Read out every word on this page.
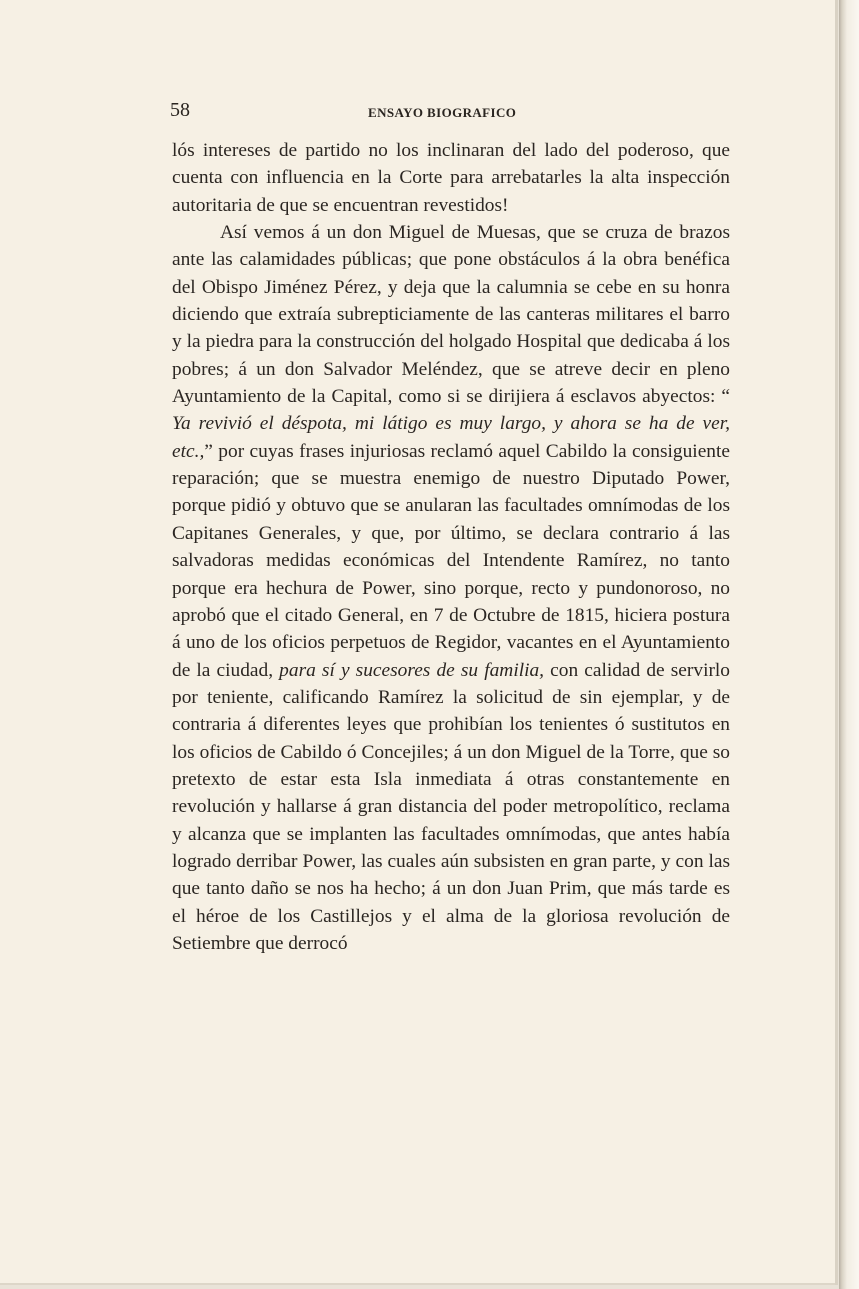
58	ENSAYO BIOGRAFICO

lós intereses de partido no los inclinaran del lado del poderoso, que cuenta con influencia en la Corte para arrebatarles la alta inspección autoritaria de que se encuentran revestidos!

Así vemos á un don Miguel de Muesas, que se cruza de brazos ante las calamidades públicas; que pone obstáculos á la obra benéfica del Obispo Jiménez Pérez, y deja que la calumnia se cebe en su honra diciendo que extraía subrepticiamente de las canteras militares el barro y la piedra para la construcción del holgado Hospital que dedicaba á los pobres; á un don Salvador Meléndez, que se atreve decir en pleno Ayuntamiento de la Capital, como si se dirijiera á esclavos abyectos: “ Ya revivió el déspota, mi látigo es muy largo, y ahora se ha de ver, etc.,” por cuyas frases injuriosas reclamó aquel Cabildo la consiguiente reparación; que se muestra enemigo de nuestro Diputado Power, porque pidió y obtuvo que se anularan las facultades omnímodas de los Capitanes Generales, y que, por último, se declara contrario á las salvadoras medidas económicas del Intendente Ramírez, no tanto porque era hechura de Power, sino porque, recto y pundonoroso, no aprobó que el citado General, en 7 de Octubre de 1815, hiciera postura á uno de los oficios perpetuos de Regidor, vacantes en el Ayuntamiento de la ciudad, para sí y sucesores de su familia, con calidad de servirlo por teniente, calificando Ramírez la solicitud de sin ejemplar, y de contraria á diferentes leyes que prohibían los tenientes ó sustitutos en los oficios de Cabildo ó Concejiles; á un don Miguel de la Torre, que so pretexto de estar esta Isla inmediata á otras constantemente en revolución y hallarse á gran distancia del poder metropolítico, reclama y alcanza que se implanten las facultades omnímodas, que antes había logrado derribar Power, las cuales aún subsisten en gran parte, y con las que tanto daño se nos ha hecho; á un don Juan Prim, que más tarde es el héroe de los Castillejos y el alma de la gloriosa revolución de Setiembre que derrocó
